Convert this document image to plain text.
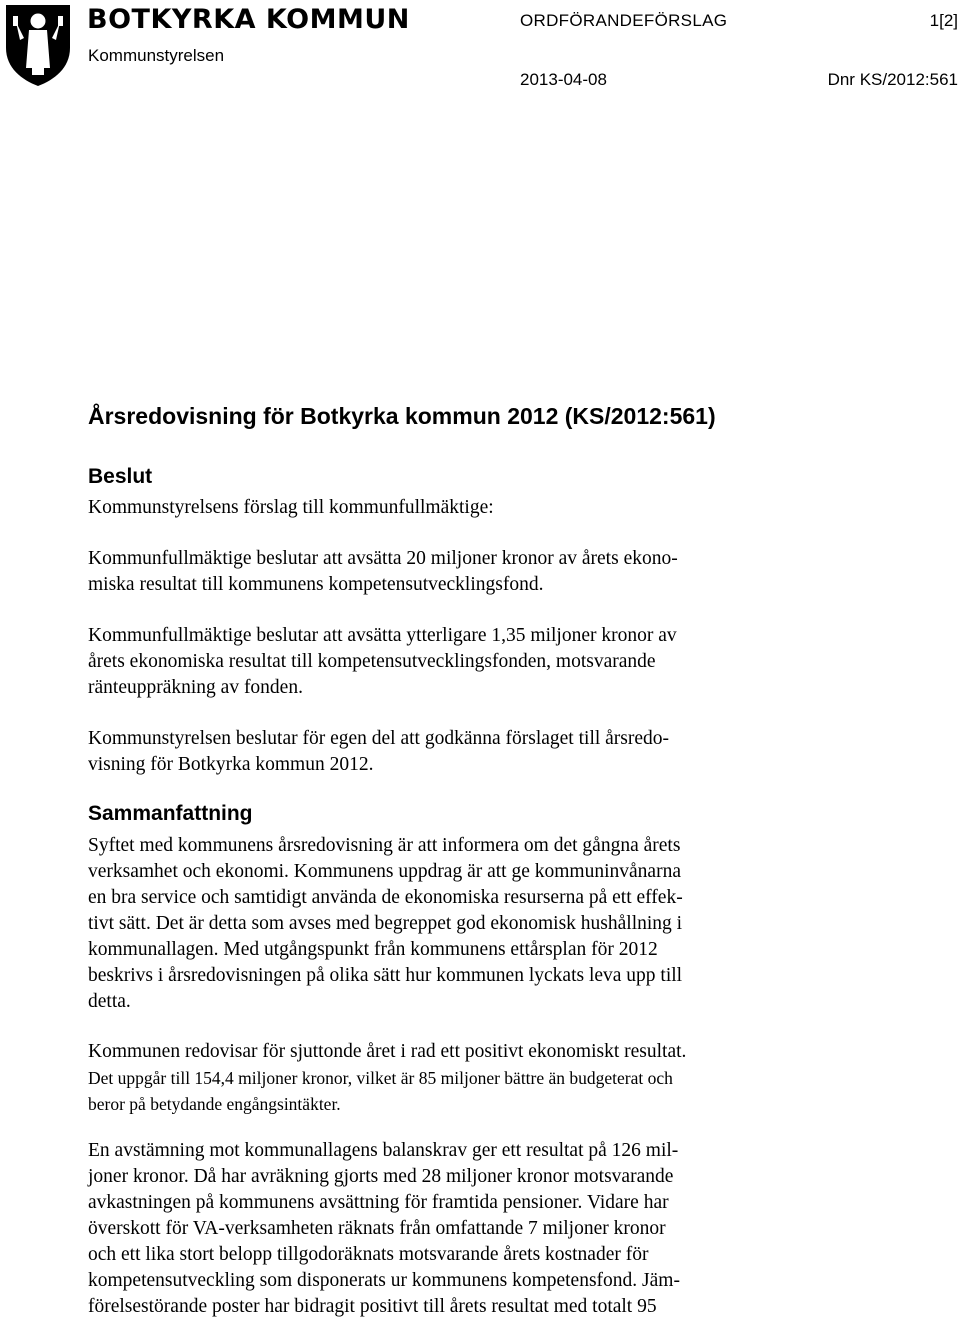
BOTKYRKA KOMMUN
Kommunstyrelsen
ORDFÖRANDEFÖRSLAG	1[2]
2013-04-08	Dnr KS/2012:561
Årsredovisning för Botkyrka kommun 2012 (KS/2012:561)
Beslut

Kommunstyrelsens förslag till kommunfullmäktige:

Kommunfullmäktige beslutar att avsätta 20 miljoner kronor av årets ekono-
miska resultat till kommunens kompetensutvecklingsfond.

Kommunfullmäktige beslutar att avsätta ytterligare 1,35 miljoner kronor av
årets ekonomiska resultat till kompetensutvecklingsfonden, motsvarande
ränteuppräkning av fonden.

Kommunstyrelsen beslutar för egen del att godkänna förslaget till årsredo-
visning för Botkyrka kommun 2012.

Sammanfattning

Syftet med kommunens årsredovisning är att informera om det gångna årets
verksamhet och ekonomi. Kommunens uppdrag är att ge kommuninvånarna
en bra service och samtidigt använda de ekonomiska resurserna på ett effek-
tivt sätt. Det är detta som avses med begreppet god ekonomisk hushållning i
kommunallagen. Med utgångspunkt från kommunens ettårsplan för 2012
beskrivs i årsredovisningen på olika sätt hur kommunen lyckats leva upp till
detta.

Kommunen redovisar för sjuttonde året i rad ett positivt ekonomiskt resultat.

Det uppgår till 154,4 miljoner kronor, vilket är 85 miljoner bättre än budgeterat och
beror på betydande engångsintäkter.

En avstämning mot kommunallagens balanskrav ger ett resultat på 126 mil-
joner kronor. Då har avräkning gjorts med 28 miljoner kronor motsvarande
avkastningen på kommunens avsättning för framtida pensioner. Vidare har
överskott för VA-verksamheten räknats från omfattande 7 miljoner kronor
och ett lika stort belopp tillgodoräknats motsvarande årets kostnader för
kompetensutveckling som disponerats ur kommunens kompetensfond. Jäm-
förelsestörande poster har bidragit positivt till årets resultat med totalt 95
